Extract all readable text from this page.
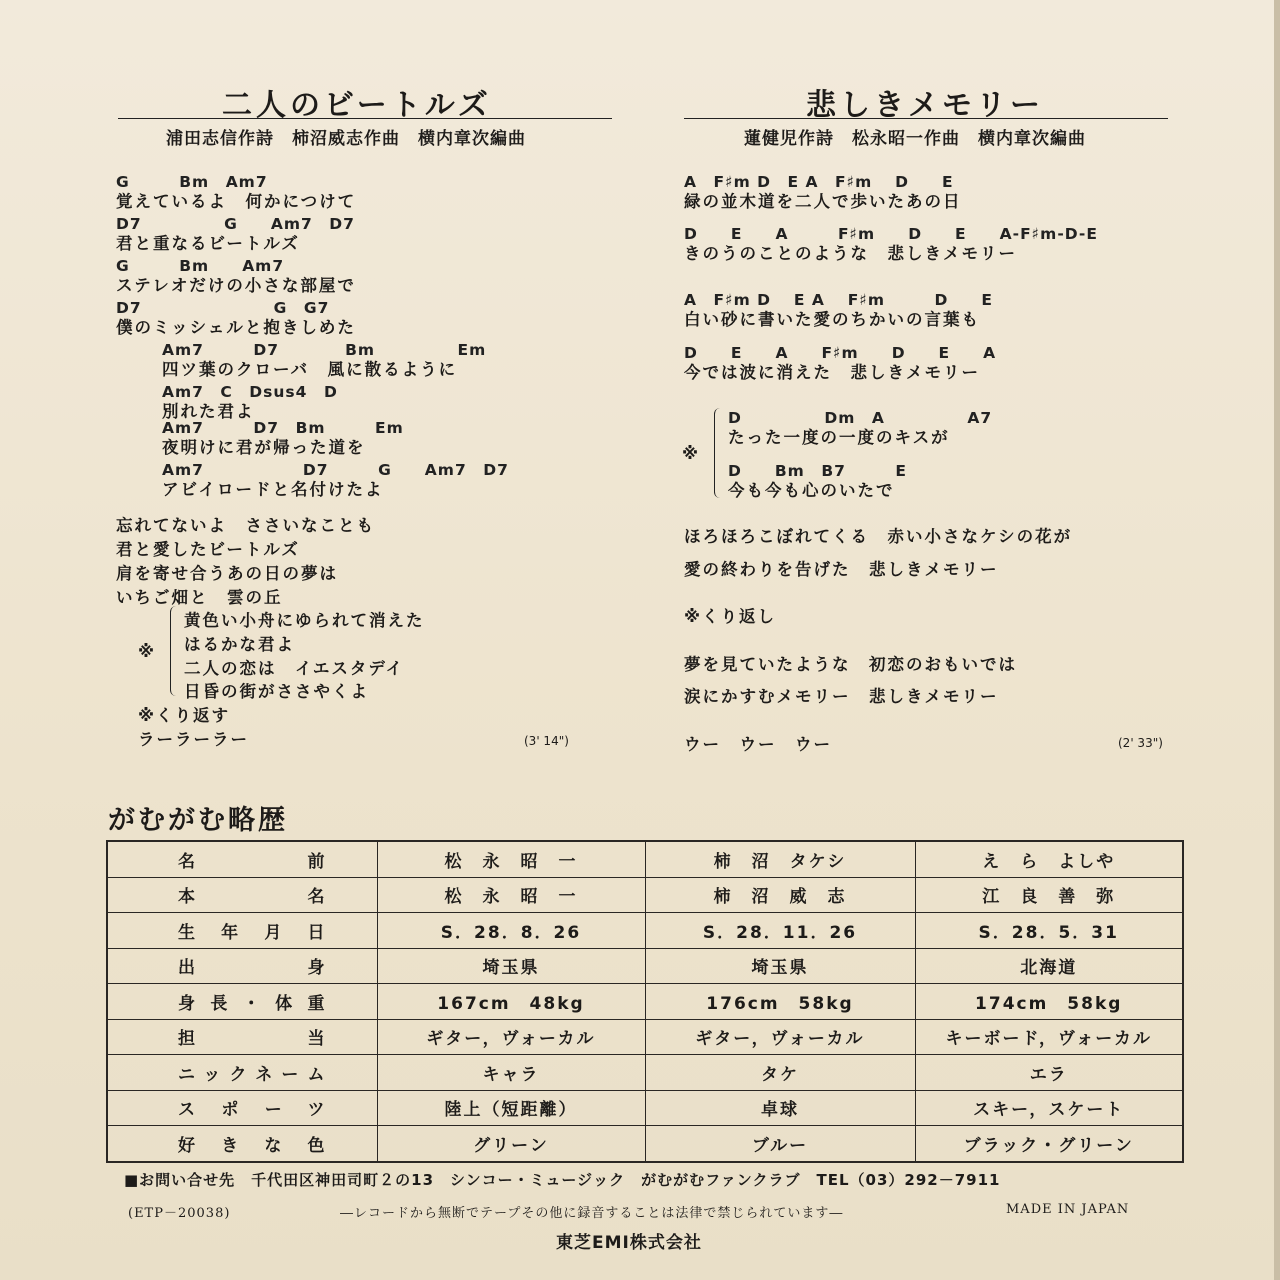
二人のビートルズ
浦田志信作詩　柿沼威志作曲　横内章次編曲
G　　　Bm　Am7
覚えているよ　何かにつけて
D7　　　　　G　　Am7　D7
君と重なるビートルズ
G　　　Bm　　Am7
ステレオだけの小さな部屋で
D7　　　　　　　　G　G7
僕のミッシェルと抱きしめた
Am7　　　D7　　　　Bm　　　　　Em
四ツ葉のクローバ　風に散るように
Am7　C　Dsus4　D
別れた君よ
Am7　　　D7　Bm　　　Em
夜明けに君が帰った道を
Am7　　　　　　D7　　　G　　Am7　D7
アビイロードと名付けたよ
忘れてないよ　ささいなことも
君と愛したビートルズ
肩を寄せ合うあの日の夢は
いちご畑と　雲の丘
※
黄色い小舟にゆられて消えた
はるかな君よ
二人の恋は　イエスタデイ
日昏の街がささやくよ
※くり返す
ラーラーラー	(3' 14")
悲しきメモリー
蓮健児作詩　松永昭一作曲　横内章次編曲
A　F♯m D　E A　F♯m　 D　　E
緑の並木道を二人で歩いたあの日
D　　E　　A　　　F♯m　　D　　E　　A-F♯m-D-E
きのうのことのような　悲しきメモリー
A　F♯m D　 E A　 F♯m　　　D　　E
白い砂に書いた愛のちかいの言葉も
D　　E　　A　　F♯m　　D　　E　　A
今では波に消えた　悲しきメモリー
※
D　　　　　Dm　A　　　　　A7
たった一度の一度のキスが
D　　Bm　B7　　　E
今も今も心のいたで
ほろほろこぼれてくる　赤い小さなケシの花が
愛の終わりを告げた　悲しきメモリー
※くり返し
夢を見ていたような　初恋のおもいでは
涙にかすむメモリー　悲しきメモリー
ウー　ウー　ウー	(2' 33")
がむがむ略歴
名　前	松　永　昭　一	柿　沼　タケシ	え　ら　よしや
本　名	松　永　昭　一	柿　沼　威　志	江　良　善　弥
生年月日	S．28．8．26	S．28．11．26	S．28．5．31
出　身	埼玉県	埼玉県	北海道
身長・体重	167cm　48kg	176cm　58kg	174cm　58kg
担　当	ギター，ヴォーカル	ギター，ヴォーカル	キーボード，ヴォーカル
ニックネーム	キャラ	タケ	エラ
スポーツ	陸上（短距離）	卓球	スキー，スケート
好きな色	グリーン	ブルー	ブラック・グリーン
■お問い合せ先　千代田区神田司町２の13　シンコー・ミュージック　がむがむファンクラブ　TEL（03）292－7911
(ETP－20038)	―レコードから無断でテープその他に録音することは法律で禁じられています―	MADE IN JAPAN
東芝EMI株式会社
